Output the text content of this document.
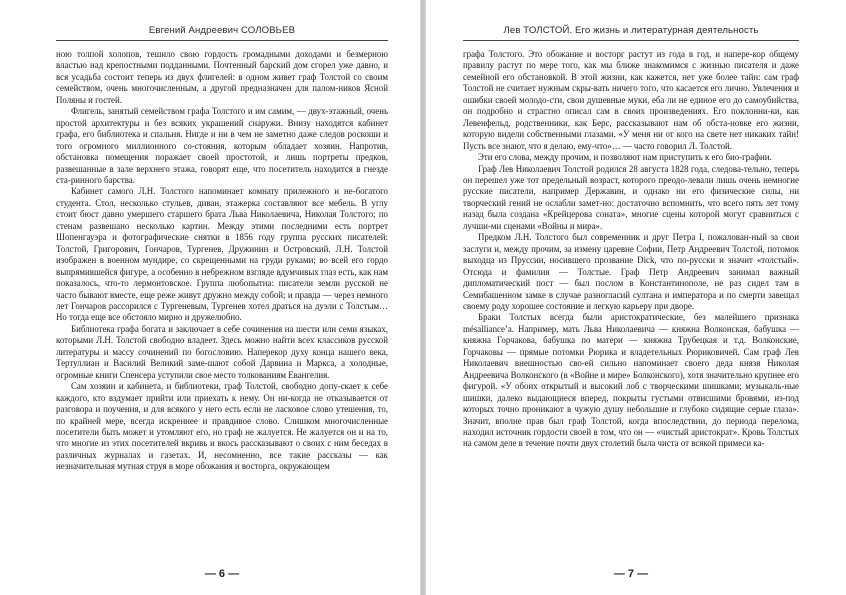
Евгений Андреевич СОЛОВЬЕВ

ною толпой холопов, тешило свою гордость громадными доходами и безмерною властью над крепостными подданными. Почтенный барский дом сгорел уже давно, и вся усадьба состоит теперь из двух флигелей: в одном живет граф Толстой со своим семейством, очень многочисленным, а другой предназначен для палом-ников Ясной Поляны и гостей.

Флигель, занятый семейством графа Толстого и им самим, — двух-этажный, очень простой архитектуры и без всяких украшений снаружи. Внизу находятся кабинет графа, его библиотека и спальня. Нигде и ни в чем не заметно даже следов роскоши и того огромного миллионного со-стояния, которым обладает хозяин. Напротив, обстановка помещения поражает своей простотой, и лишь портреты предков, развешанные в зале верхнего этажа, говорят еще, что посетитель находится в гнезде ста-ринного барства.

Кабинет самого Л.Н. Толстого напоминает комнату прилежного и не-богатого студента. Стол, несколько стульев, диван, этажерка составляют все мебель. В углу стоит бюст давно умершего старшего брата Льва Николаевича, Николая Толстого; по стенам развешано несколько картин. Между этими последними есть портрет Шопенгауэра и фотографические снятки в 1856 году группа русских писателей: Толстой, Григорович, Гончаров, Тургенев, Дружинин и Островский. Л.Н. Толстой изображен в военном мундире, со скрещенными на груди руками; во всей его гордо выпрямившейся фигуре, а особенно в небрежном взгляде вдумчивых глаз есть, как нам показалось, что-то лермонтовское. Группа любопытна: писатели земли русской не часто бывают вместе, еще реже живут дружно между собой; и правда — через немного лет Гончаров рассорился с Тургеневым, Тургенев хотел драться на дуэли с Толстым… Но тогда еще все обстояло мирно и дружелюбно.

Библиотека графа богата и заключает в себе сочинения на шести или семи языках, которыми Л.Н. Толстой свободно владеет. Здесь можно найти всех классиков русской литературы и массу сочинений по богословию. Наперекор духу конца нашего века, Тертуллиан и Василий Великий заме-шают собой Дарвина и Маркса, а холодные, огромные книги Спенсера уступили свое место толкованиям Евангелия.

Сам хозяин и кабинета, и библиотеки, граф Толстой, свободно допу-скает к себе каждого, кто вздумает прийти или приехать к нему. Он ни-когда не отказывается от разговора и поучения, и для всякого у него есть если не ласковое слово утешения, то, по крайней мере, всегда искреннее и правдивое слово. Слишком многочисленные посетители быть может и утомляют его, но граф не жалуется. Не жалуется он и на то, что многие из этих посетителей вкривь и вкось рассказывают о своих с ним беседах в различных журналах и газетах. И, несомненно, все такие рассказы — как незначительная мутная струя в море обожания и восторга, окружающем

— 6 —
Лев ТОЛСТОЙ. Его жизнь и литературная деятельность

графа Толстого. Это обожание и восторг растут из года в год, и напере-кор общему правилу растут по мере того, как мы ближе знакомимся с жизнью писателя и даже семейной его обстановкой. В этой жизни, как кажется, нет уже более тайн: сам граф Толстой не считает нужным скры-вать ничего того, что касается его лично. Увлечения и ошибки своей молодо-сти, свои душевные муки, еба ли не единое его до самоубийства, он подробно и страстно описал сам в своих произведениях. Его поклонни-ки, как Левенфельд, родственники, как Берс, рассказывают нам об обста-новке его жизни, которую видели собственными глазами. «У меня ни от кого на свете нет никаких тайн! Пусть все знают, что я делаю, ему-что»… — часто говорил Л. Толстой.

Эти его слова, между прочим, и позволяют нам приступить к его био-графии.

Граф Лев Николаевич Толстой родился 28 августа 1828 года, следова-тельно, теперь он перешел уже тот предельный возраст, которого преодо-левали лишь очень немногие русские писатели, например Державин, и однако ни его физические силы, ни творческий гений не ослабли замет-но: достаточно вспомнить, что всего пять лет тому назад была создана «Крейцерова соната», многие сцены которой могут сравниться с лучши-ми сценами «Войны и мира».

Предком Л.Н. Толстого был современник и друг Петра I, пожалован-ный за свои заслуги и, между прочим, за измену царевне Софии, Петр Андреевич Толстой, потомок выходца из Пруссии, носившего прозвание Dick, что по-русски и значит «толстый». Отсюда и фамилия — Толстые. Граф Петр Андреевич занимал важный дипломатический пост — был послом в Константинополе, не раз сидел там в Семибашенном замке в случае разногласий султана и императора и по смерти завещал своему роду хорошее состояние и легкую карьеру при дворе.

Браки Толстых всегда были аристократические, без малейшего признака mésalliance’а. Например, мать Льва Николаевича — княжна Волконская, бабушка — княжна Горчакова, бабушка по матери — княжна Трубецкая и т.д. Волконские, Горчаковы — прямые потомки Рюрика и владетельных Рюриковичей. Сам граф Лев Николаевич внешностью сво-ей сильно напоминает своего деда князя Николая Андреевича Волконского (в «Войне и мире» Болконского), хотя значительно крупнее его фигурой. «У обоих открытый и высокий лоб с творческими шишками; музыкаль-ные шишки, далеко выдающиеся вперед, покрыты густыми отвисшими бровями, из-под которых точно проникают в чужую душу небольшие и глубоко сидящие серые глаза». Значит, вполне прав был граф Толстой, когда впоследствии, до периода перелома, находил источник гордости своей в том, что он — «чистый аристократ». Кровь Толстых на самом деле в течение почти двух столетий была чиста от всякой примеси ка-

— 7 —
